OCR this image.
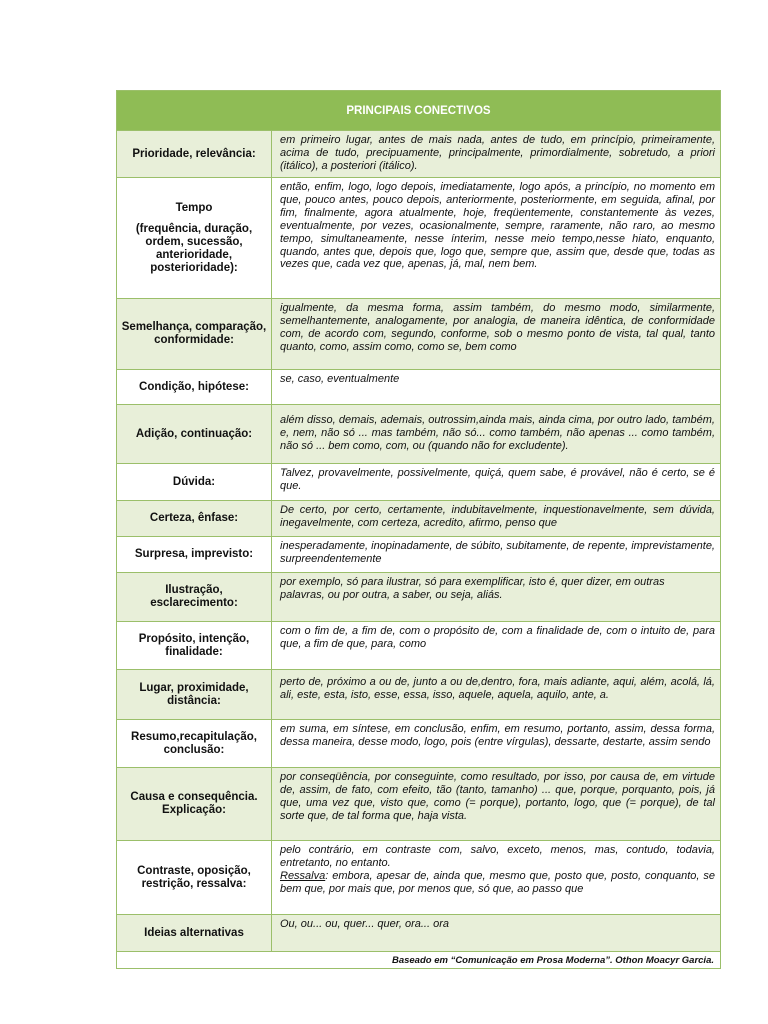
PRINCIPAIS CONECTIVOS
Prioridade, relevância:
em primeiro lugar, antes de mais nada, antes de tudo, em princípio, primeiramente, acima de tudo, precipuamente, principalmente, primordialmente, sobretudo, a priori (itálico), a posteriori (itálico).
Tempo
(frequência, duração, ordem, sucessão, anterioridade, posterioridade):
então, enfim, logo, logo depois, imediatamente, logo após, a princípio, no momento em que, pouco antes, pouco depois, anteriormente, posteriormente, em seguida, afinal, por fim, finalmente, agora atualmente, hoje, freqüentemente, constantemente às vezes, eventualmente, por vezes, ocasionalmente, sempre, raramente, não raro, ao mesmo tempo, simultaneamente, nesse ínterim, nesse meio tempo,nesse hiato, enquanto, quando, antes que, depois que, logo que, sempre que, assim que, desde que, todas as vezes que, cada vez que, apenas, já, mal, nem bem.
Semelhança, comparação, conformidade:
igualmente, da mesma forma, assim também, do mesmo modo, similarmente, semelhantemente, analogamente, por analogia, de maneira idêntica, de conformidade com, de acordo com, segundo, conforme, sob o mesmo ponto de vista, tal qual, tanto quanto, como, assim como, como se, bem como
Condição, hipótese:
se, caso, eventualmente
Adição, continuação:
além disso, demais, ademais, outrossim,ainda mais, ainda cima, por outro lado, também, e, nem, não só ... mas também, não só... como também, não apenas ... como também, não só ... bem como, com, ou (quando não for excludente).
Dúvida:
Talvez, provavelmente, possivelmente, quiçá, quem sabe, é provável, não é certo, se é que.
Certeza, ênfase:
De certo, por certo, certamente, indubitavelmente, inquestionavelmente, sem dúvida, inegavelmente, com certeza, acredito, afirmo, penso que
Surpresa, imprevisto:
inesperadamente, inopinadamente, de súbito, subitamente, de repente, imprevistamente, surpreendentemente
Ilustração, esclarecimento:
por exemplo, só para ilustrar, só para exemplificar, isto é, quer dizer, em outras
palavras, ou por outra, a saber, ou seja, aliás.
Propósito, intenção, finalidade:
com o fim de, a fim de, com o propósito de, com a finalidade de, com o intuito de, para que, a fim de que, para, como
Lugar, proximidade, distância:
perto de, próximo a ou de, junto a ou de,dentro, fora, mais adiante, aqui, além, acolá, lá, ali, este, esta, isto, esse, essa, isso, aquele, aquela, aquilo, ante, a.
Resumo,recapitulação, conclusão:
em suma, em síntese, em conclusão, enfim, em resumo, portanto, assim, dessa forma, dessa maneira, desse modo, logo, pois (entre vírgulas), dessarte, destarte, assim sendo
Causa e consequência. Explicação:
por conseqüência, por conseguinte, como resultado, por isso, por causa de, em virtude de, assim, de fato, com efeito, tão (tanto, tamanho) ... que, porque, porquanto, pois, já que, uma vez que, visto que, como (= porque), portanto, logo, que (= porque), de tal sorte que, de tal forma que, haja vista.
Contraste, oposição, restrição, ressalva:
pelo contrário, em contraste com, salvo, exceto, menos, mas, contudo, todavia, entretanto, no entanto.
Ressalva: embora, apesar de, ainda que, mesmo que, posto que, posto, conquanto, se bem que, por mais que, por menos que, só que, ao passo que
Ideias alternativas
Ou, ou... ou, quer... quer, ora... ora
Baseado em “Comunicação em Prosa Moderna”. Othon Moacyr Garcia.
